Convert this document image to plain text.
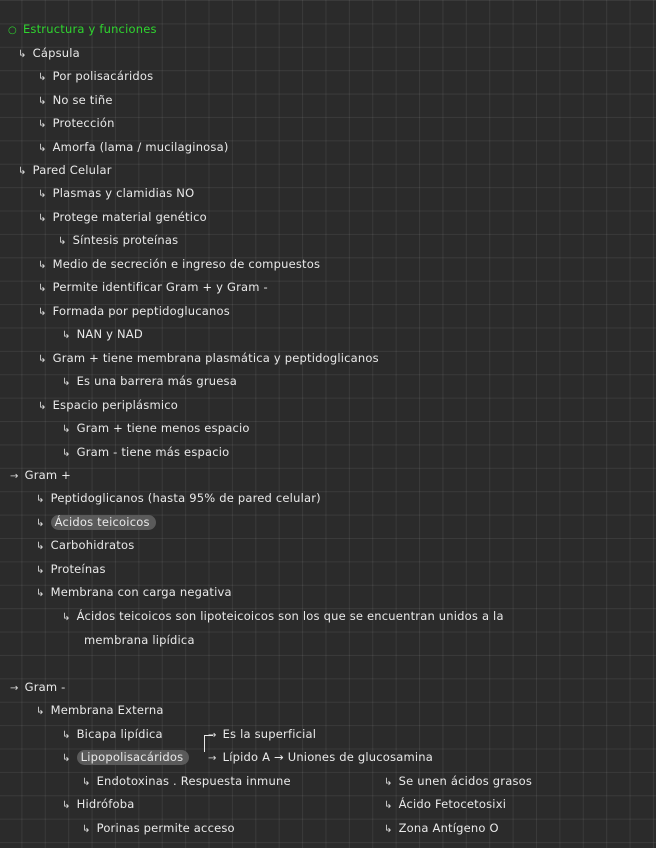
○ Estructura y funciones
↳ Cápsula
↳ Por polisacáridos
↳ No se tiñe
↳ Protección
↳ Amorfa (lama / mucilaginosa)
↳ Pared Celular
↳ Plasmas y clamidias NO
↳ Protege material genético
↳ Síntesis proteínas
↳ Medio de secreción e ingreso de compuestos
↳ Permite identificar Gram + y Gram -
↳ Formada por peptidoglucanos
↳ NAN y NAD
↳ Gram + tiene membrana plasmática y peptidoglicanos
↳ Es una barrera más gruesa
↳ Espacio periplásmico
↳ Gram + tiene menos espacio
↳ Gram - tiene más espacio
→ Gram +
↳ Peptidoglicanos (hasta 95% de pared celular)
↳ Ácidos teicoicos
↳ Carbohidratos
↳ Proteínas
↳ Membrana con carga negativa
↳ Ácidos teicoicos son lipoteicoicos son los que se encuentran unidos a la
membrana lipídica
→ Gram -
↳ Membrana Externa
↳ Bicapa lipídica	→ Es la superficial
↳ Lipopolisacáridos	→ Lípido A → Uniones de glucosamina
↳ Endotoxinas . Respuesta inmune	↳ Se unen ácidos grasos
↳ Hidrófoba	↳ Ácido Fetocetosixi
↳ Porinas permite acceso	↳ Zona Antígeno O
